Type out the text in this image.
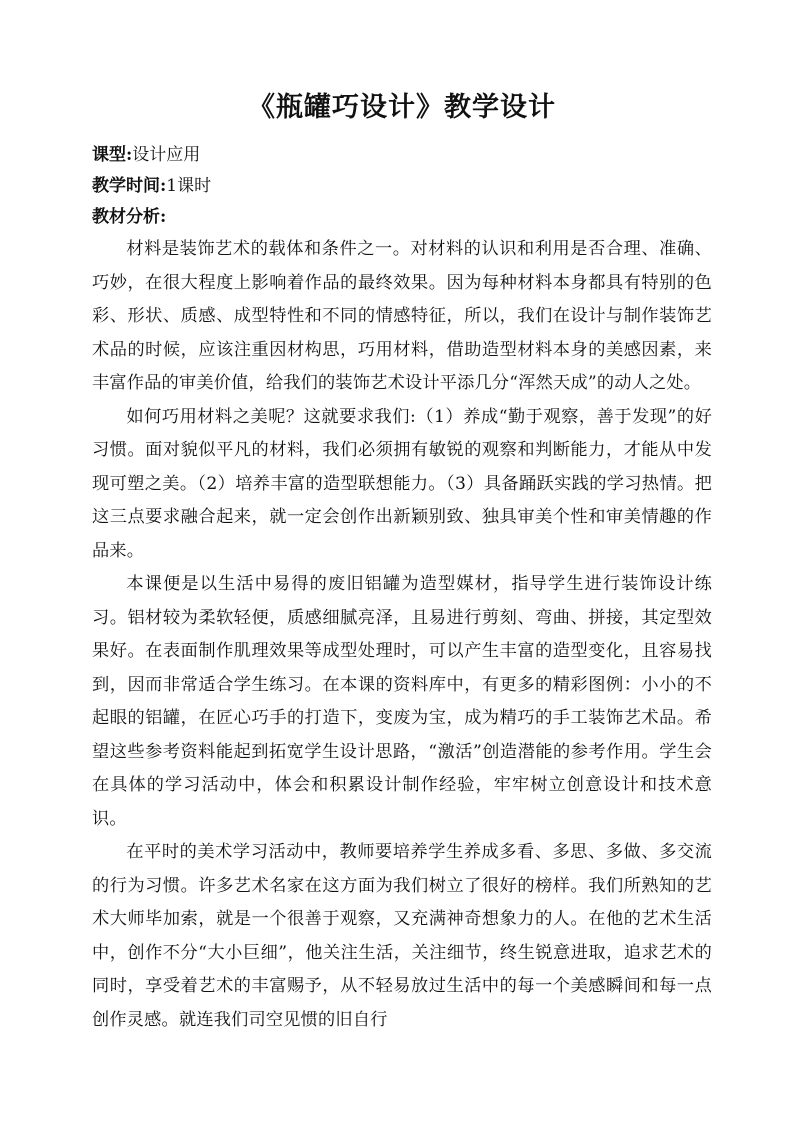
《瓶罐巧设计》教学设计

课型:设计应用

教学时间:1课时

教材分析:

材料是装饰艺术的载体和条件之一。对材料的认识和利用是否合理、准确、巧妙，在很大程度上影响着作品的最终效果。因为每种材料本身都具有特别的色彩、形状、质感、成型特性和不同的情感特征，所以，我们在设计与制作装饰艺术品的时候，应该注重因材构思，巧用材料，借助造型材料本身的美感因素，来丰富作品的审美价值，给我们的装饰艺术设计平添几分“浑然天成”的动人之处。

如何巧用材料之美呢？这就要求我们:（1）养成“勤于观察，善于发现”的好习惯。面对貌似平凡的材料，我们必须拥有敏锐的观察和判断能力，才能从中发现可塑之美。（2）培养丰富的造型联想能力。（3）具备踊跃实践的学习热情。把这三点要求融合起来，就一定会创作出新颖别致、独具审美个性和审美情趣的作品来。

本课便是以生活中易得的废旧铝罐为造型媒材，指导学生进行装饰设计练习。铝材较为柔软轻便，质感细腻亮泽，且易进行剪刻、弯曲、拼接，其定型效果好。在表面制作肌理效果等成型处理时，可以产生丰富的造型变化，且容易找到，因而非常适合学生练习。在本课的资料库中，有更多的精彩图例：小小的不起眼的铝罐，在匠心巧手的打造下，变废为宝，成为精巧的手工装饰艺术品。希望这些参考资料能起到拓宽学生设计思路，“激活”创造潜能的参考作用。学生会在具体的学习活动中，体会和积累设计制作经验，牢牢树立创意设计和技术意识。

在平时的美术学习活动中，教师要培养学生养成多看、多思、多做、多交流的行为习惯。许多艺术名家在这方面为我们树立了很好的榜样。我们所熟知的艺术大师毕加索，就是一个很善于观察，又充满神奇想象力的人。在他的艺术生活中，创作不分“大小巨细”，他关注生活，关注细节，终生锐意进取，追求艺术的同时，享受着艺术的丰富赐予，从不轻易放过生活中的每一个美感瞬间和每一点创作灵感。就连我们司空见惯的旧自行
